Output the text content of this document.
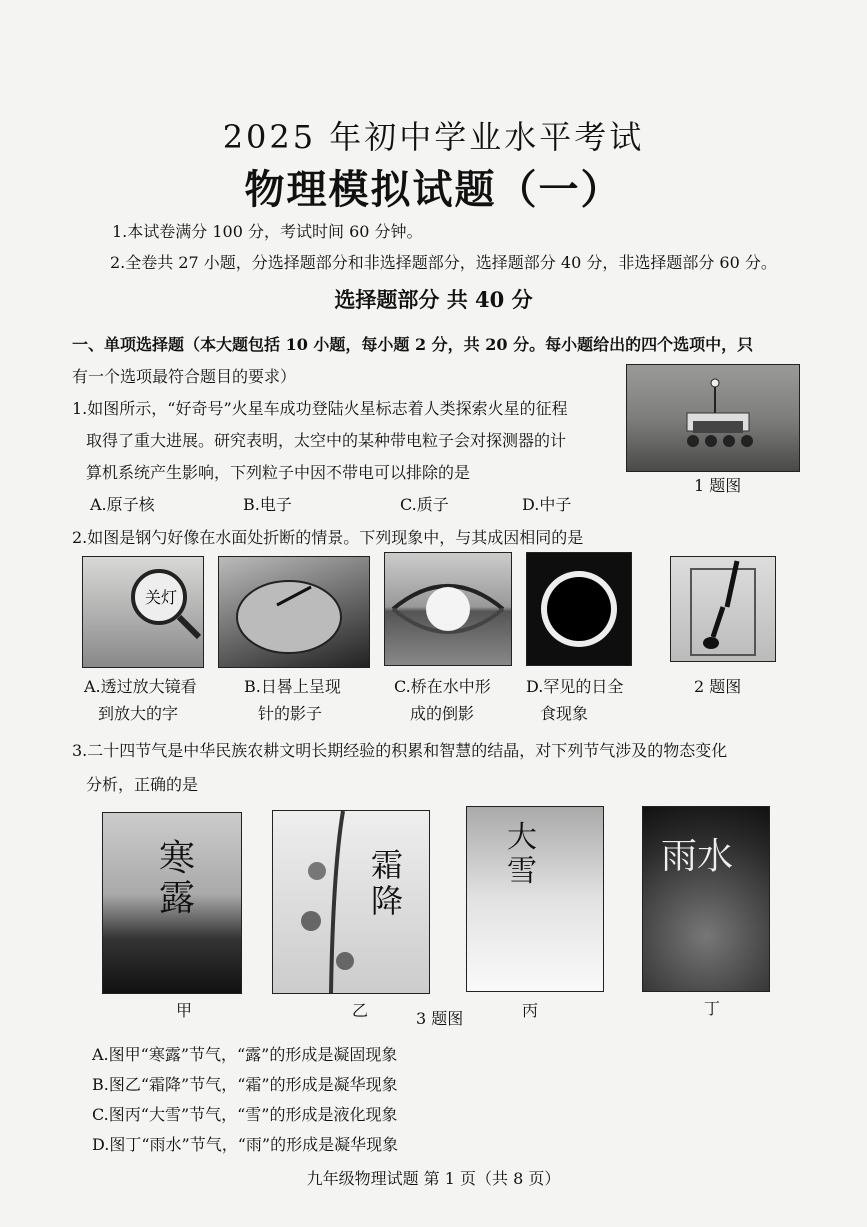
2025 年初中学业水平考试
物理模拟试题（一）
1.本试卷满分 100 分，考试时间 60 分钟。
2.全卷共 27 小题，分选择题部分和非选择题部分，选择题部分 40 分，非选择题部分 60 分。
选择题部分 共 40 分
一、单项选择题（本大题包括 10 小题，每小题 2 分，共 20 分。每小题给出的四个选项中，只
有一个选项最符合题目的要求）
1.如图所示，“好奇号”火星车成功登陆火星标志着人类探索火星的征程
取得了重大进展。研究表明，太空中的某种带电粒子会对探测器的计
算机系统产生影响，下列粒子中因不带电可以排除的是
A.原子核	B.电子	C.质子	D.中子
1 题图
2.如图是钢勺好像在水面处折断的情景。下列现象中，与其成因相同的是
关灯
A.透过放大镜看
到放大的字
B.日晷上呈现
针的影子
C.桥在水中形
成的倒影
D.罕见的日全
食现象
2 题图
3.二十四节气是中华民族农耕文明长期经验的积累和智慧的结晶，对下列节气涉及的物态变化
分析，正确的是
寒露
霜降
大雪	雨水
甲	乙	丙	丁
3 题图
A.图甲“寒露”节气，“露”的形成是凝固现象
B.图乙“霜降”节气，“霜”的形成是凝华现象
C.图丙“大雪”节气，“雪”的形成是液化现象
D.图丁“雨水”节气，“雨”的形成是凝华现象
九年级物理试题 第 1 页（共 8 页）
